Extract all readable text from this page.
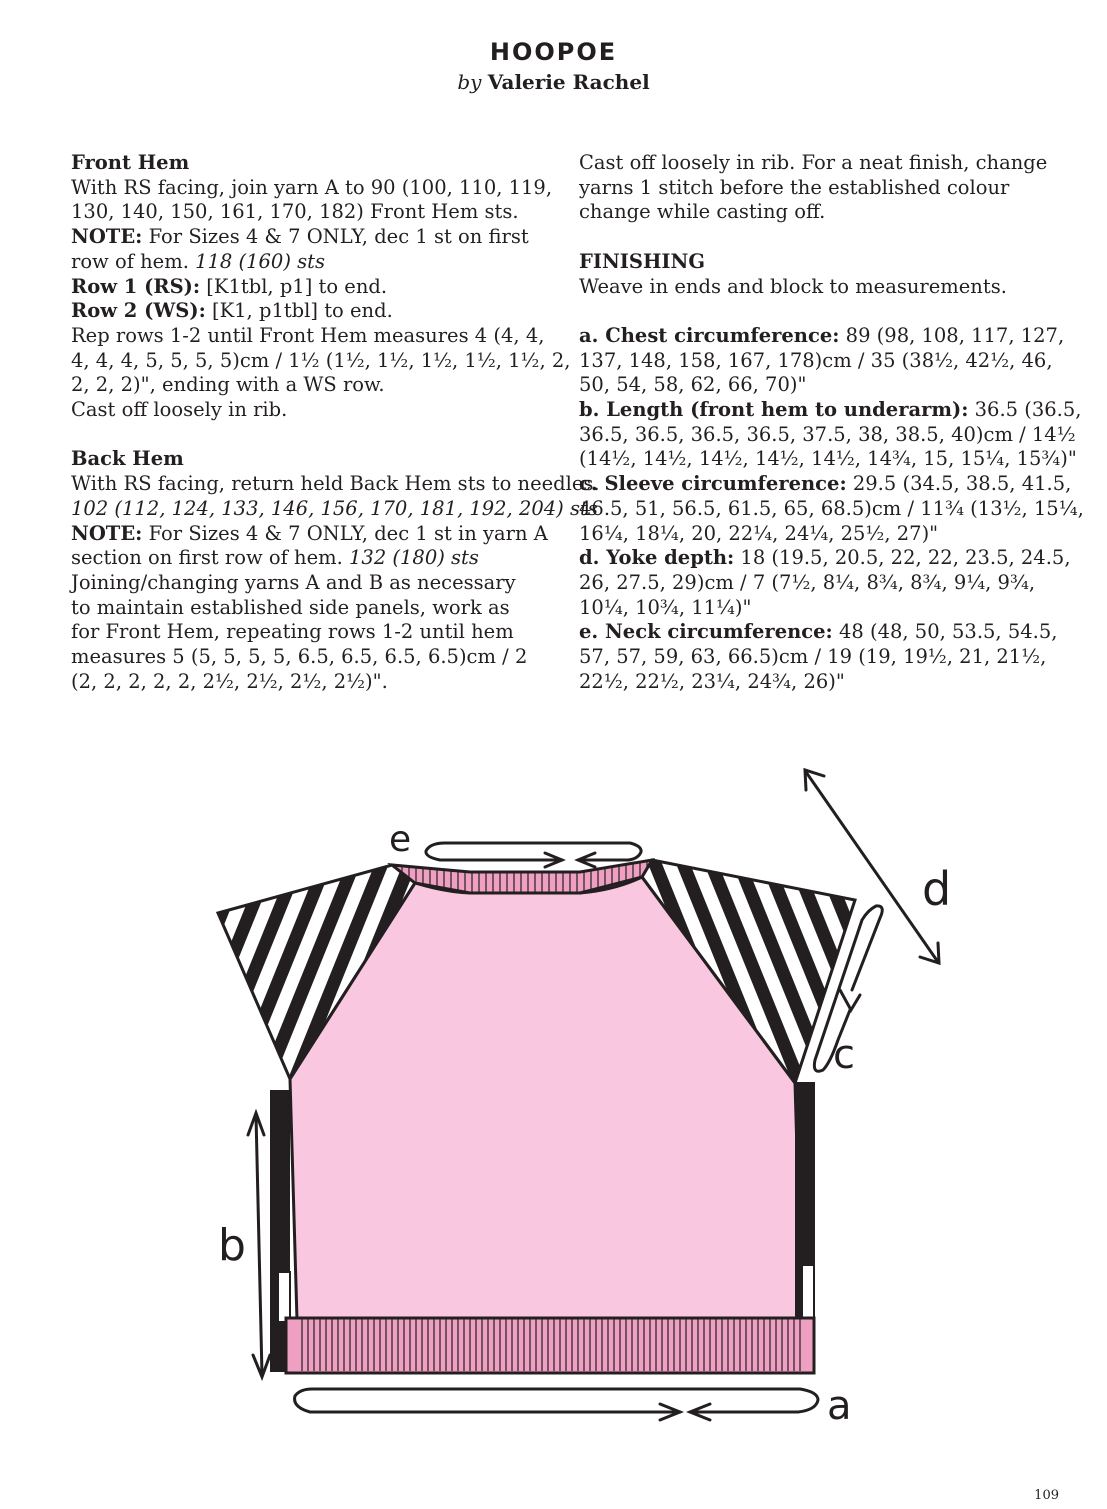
HOOPOE
by Valerie Rachel

Front Hem
With RS facing, join yarn A to 90 (100, 110, 119,
130, 140, 150, 161, 170, 182) Front Hem sts.
NOTE: For Sizes 4 & 7 ONLY, dec 1 st on first
row of hem. 118 (160) sts
Row 1 (RS): [K1tbl, p1] to end.
Row 2 (WS): [K1, p1tbl] to end.
Rep rows 1-2 until Front Hem measures 4 (4, 4,
4, 4, 4, 5, 5, 5, 5)cm / 1½ (1½, 1½, 1½, 1½, 1½, 2,
2, 2, 2)", ending with a WS row.
Cast off loosely in rib.

Back Hem
With RS facing, return held Back Hem sts to needles.
102 (112, 124, 133, 146, 156, 170, 181, 192, 204) sts
NOTE: For Sizes 4 & 7 ONLY, dec 1 st in yarn A
section on first row of hem. 132 (180) sts
Joining/changing yarns A and B as necessary
to maintain established side panels, work as
for Front Hem, repeating rows 1-2 until hem
measures 5 (5, 5, 5, 5, 6.5, 6.5, 6.5, 6.5)cm / 2
(2, 2, 2, 2, 2, 2½, 2½, 2½, 2½)".

Cast off loosely in rib. For a neat finish, change
yarns 1 stitch before the established colour
change while casting off.

FINISHING
Weave in ends and block to measurements.

a. Chest circumference: 89 (98, 108, 117, 127,
137, 148, 158, 167, 178)cm / 35 (38½, 42½, 46,
50, 54, 58, 62, 66, 70)"
b. Length (front hem to underarm): 36.5 (36.5,
36.5, 36.5, 36.5, 36.5, 37.5, 38, 38.5, 40)cm / 14½
(14½, 14½, 14½, 14½, 14½, 14¾, 15, 15¼, 15¾)"
c. Sleeve circumference: 29.5 (34.5, 38.5, 41.5,
46.5, 51, 56.5, 61.5, 65, 68.5)cm / 11¾ (13½, 15¼,
16¼, 18¼, 20, 22¼, 24¼, 25½, 27)"
d. Yoke depth: 18 (19.5, 20.5, 22, 22, 23.5, 24.5,
26, 27.5, 29)cm / 7 (7½, 8¼, 8¾, 8¾, 9¼, 9¾,
10¼, 10¾, 11¼)"
e. Neck circumference: 48 (48, 50, 53.5, 54.5,
57, 57, 59, 63, 66.5)cm / 19 (19, 19½, 21, 21½,
22½, 22½, 23¼, 24¾, 26)"

a
b
c
d
e
109
